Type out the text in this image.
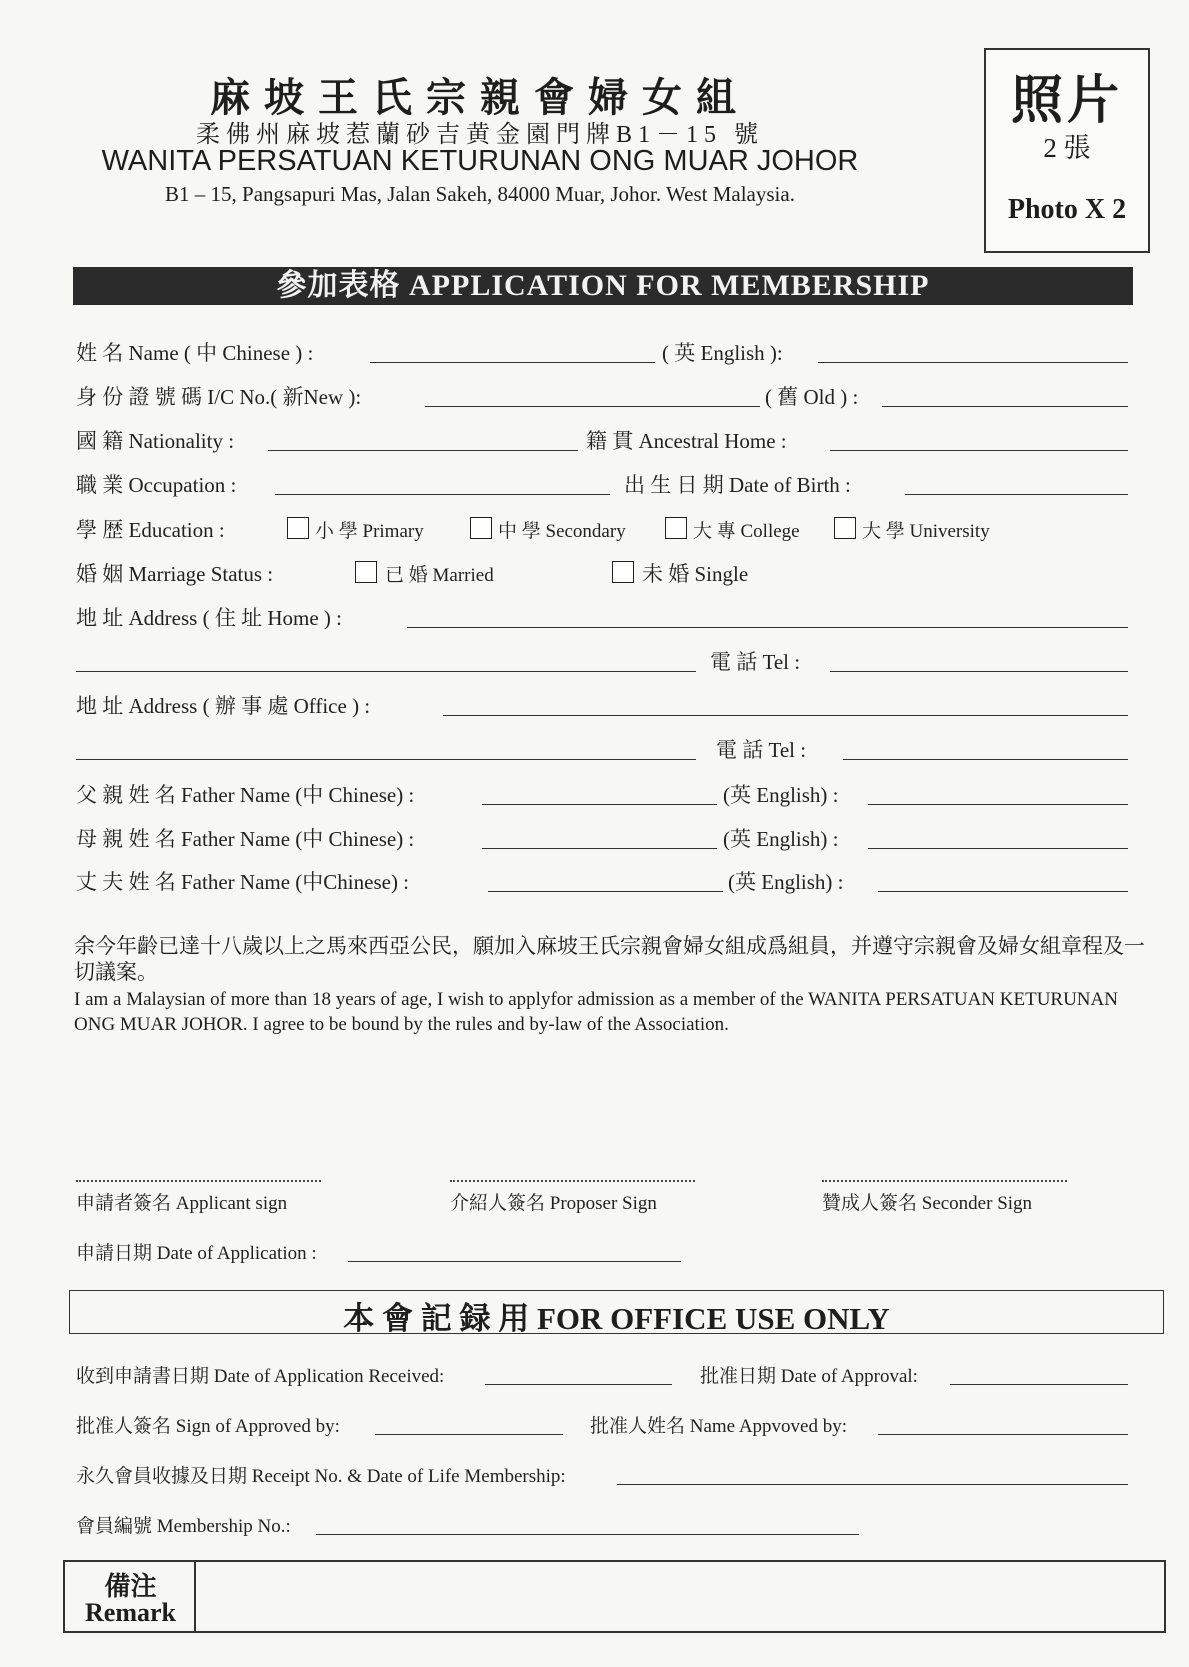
麻坡王氏宗親會婦女組
柔佛州麻坡惹蘭砂吉黄金園門牌B1－15 號
WANITA PERSATUAN KETURUNAN ONG MUAR JOHOR
B1 – 15, Pangsapuri Mas, Jalan Sakeh, 84000 Muar, Johor. West Malaysia.
照片
2 張
Photo X 2
參加表格 APPLICATION FOR MEMBERSHIP
姓 名 Name ( 中 Chinese ) :	( 英 English ):
身 份 證 號 碼 I/C No.( 新New ):	( 舊 Old ) :
國 籍 Nationality :	籍 貫 Ancestral Home :
職 業 Occupation :	出 生 日 期 Date of Birth :
學 歴 Education :	小 學 Primary	中 學 Secondary	大 專 College	大 學 University
婚 姻 Marriage Status :	已 婚 Married	未 婚 Single
地 址 Address ( 住 址 Home ) :
電 話 Tel :
地 址 Address ( 辦 事 處 Office ) :
電 話 Tel :
父 親 姓 名 Father Name (中 Chinese) :	(英 English) :
母 親 姓 名 Father Name (中 Chinese) :	(英 English) :
丈 夫 姓 名 Father Name (中Chinese) :	(英 English) :
余今年齡已達十八歲以上之馬來西亞公民，願加入麻坡王氏宗親會婦女組成爲組員，并遵守宗親會及婦女組章程及一切議案。
I am a Malaysian of more than 18 years of age, I wish to applyfor admission as a member of the WANITA PERSATUAN KETURUNAN ONG MUAR JOHOR. I agree to be bound by the rules and by-law of the Association.
申請者簽名 Applicant sign	介紹人簽名 Proposer Sign	贊成人簽名 Seconder Sign
申請日期 Date of Application :
本 會 記 録 用 FOR OFFICE USE ONLY
收到申請書日期 Date of Application Received:	批准日期 Date of Approval:
批准人簽名 Sign of Approved by:	批准人姓名 Name Appvoved by:
永久會員收據及日期 Receipt No. & Date of Life Membership:
會員編號 Membership No.:
備注
Remark
